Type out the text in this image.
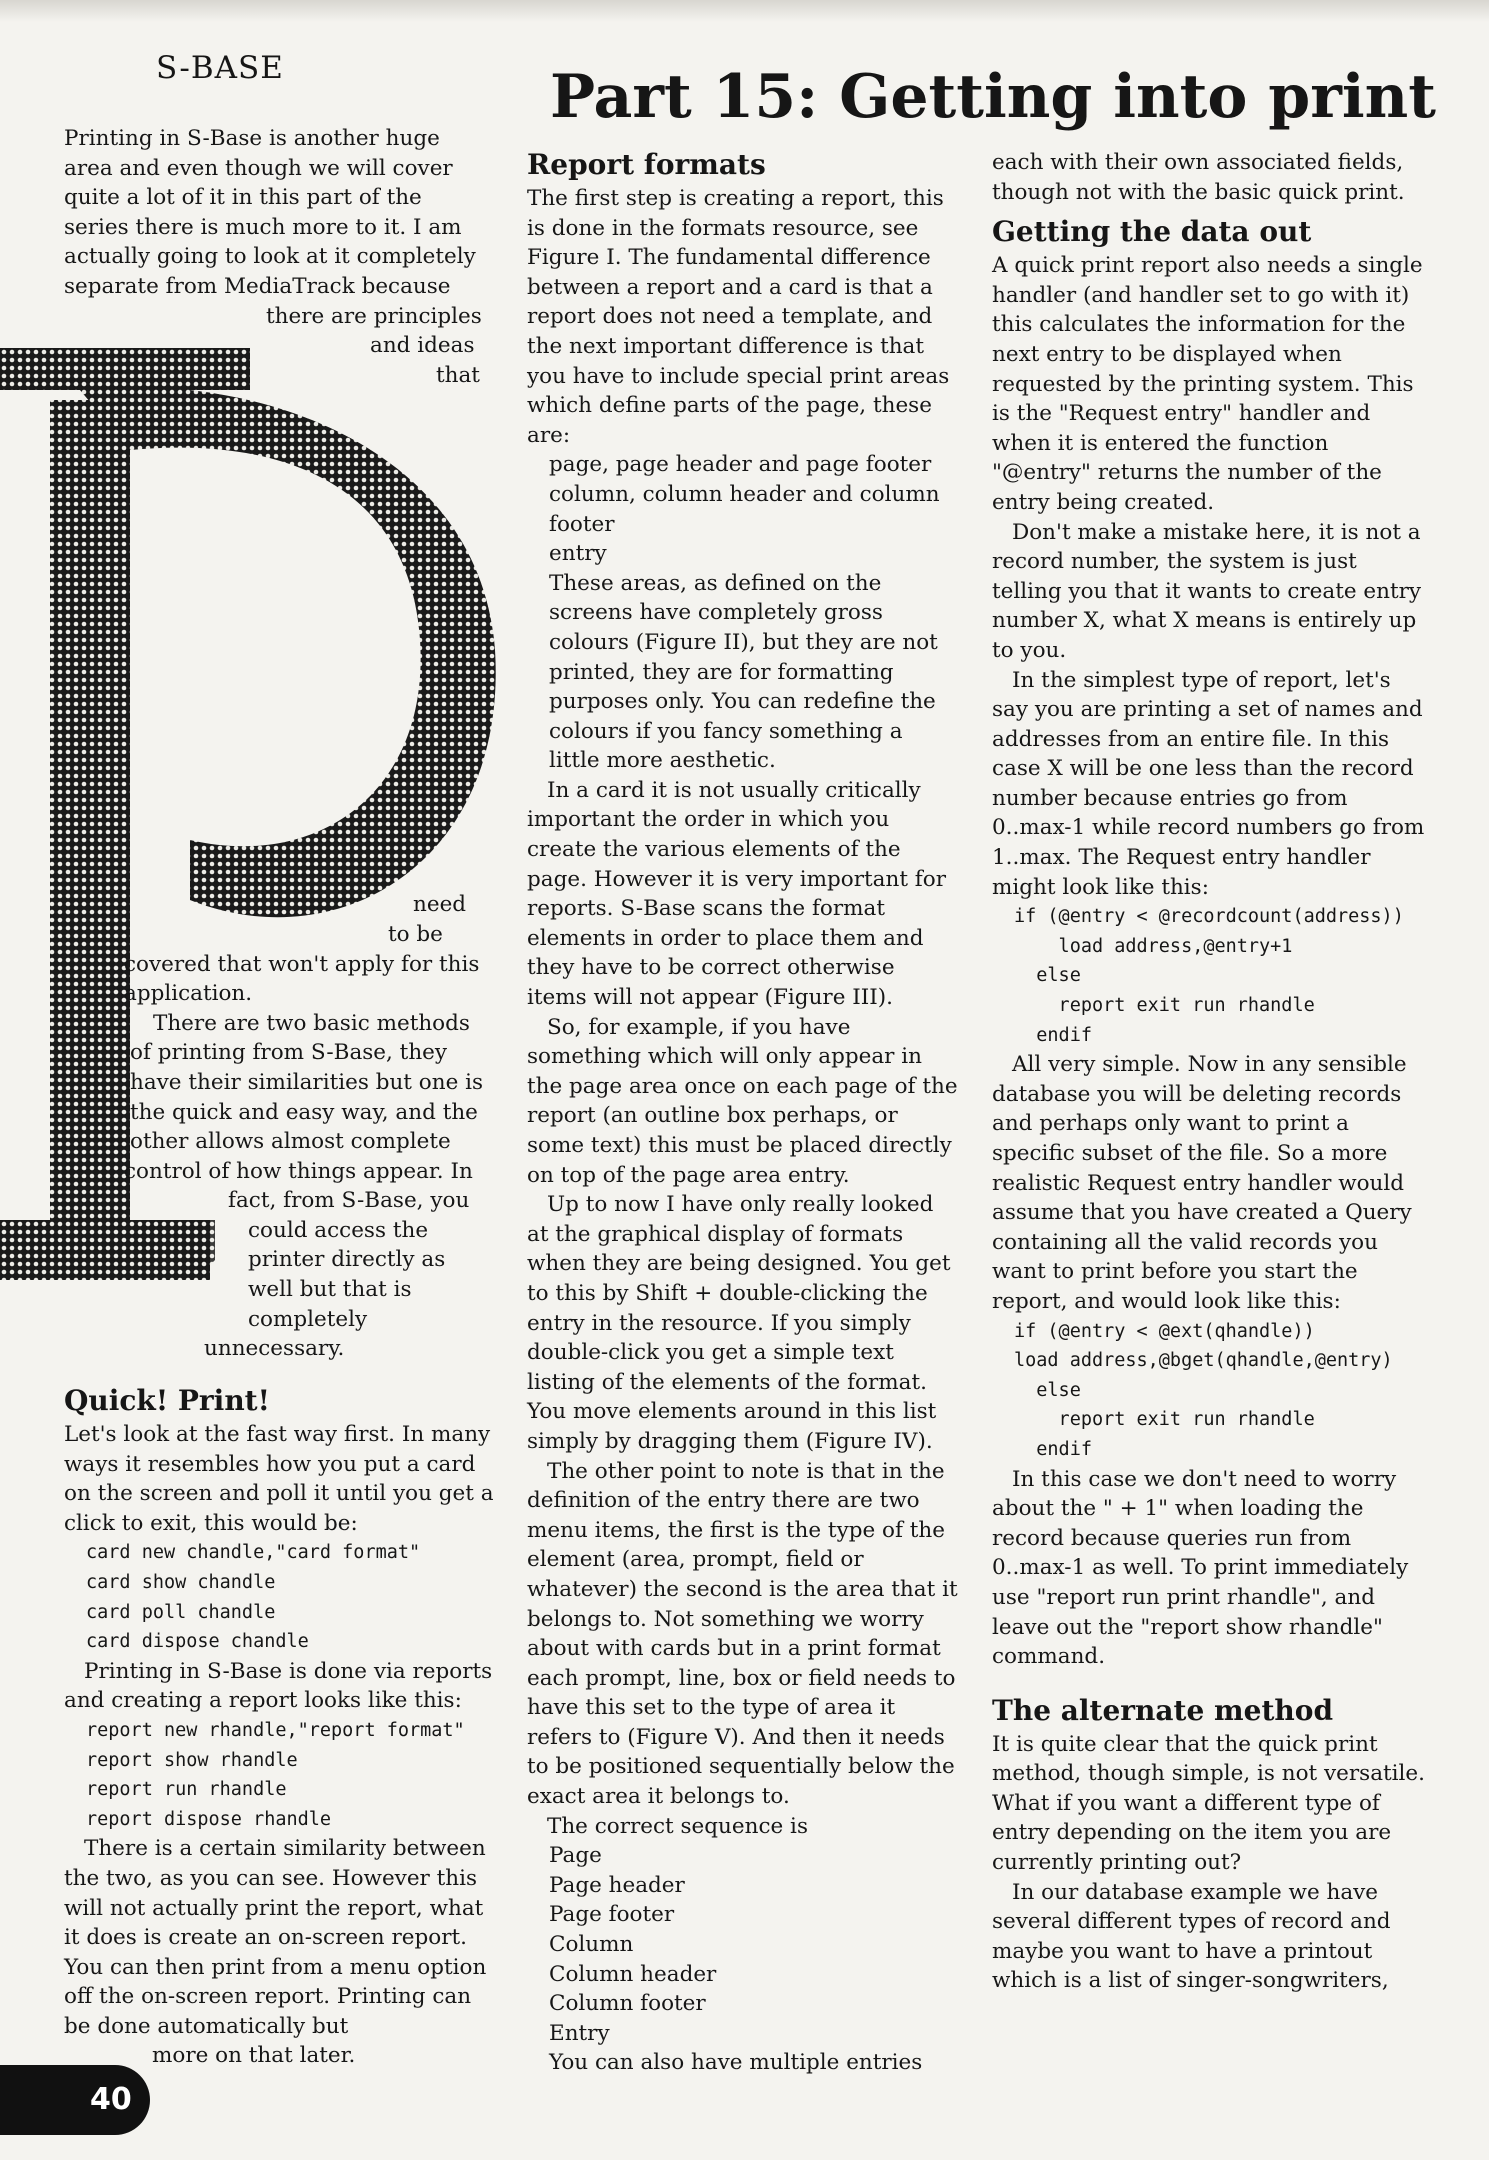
S-BASE	Part 15: Getting into print

Printing in S-Base is another huge

area and even though we will cover

quite a lot of it in this part of the

series there is much more to it. I am

actually going to look at it completely

separate from MediaTrack because

there are principles

and ideas

that

need

to be

covered that won't apply for this

application.

There are two basic methods

of printing from S-Base, they

have their similarities but one is

the quick and easy way, and the

other allows almost complete

control of how things appear. In

fact, from S-Base, you

could access the

printer directly as

well but that is

completely

unnecessary.

Quick! Print!

Let's look at the fast way first. In many ways it resembles how you put a card on the screen and poll it until you get a click to exit, this would be:

card new chandle,"card format"
card show chandle
card poll chandle
card dispose chandle

Printing in S-Base is done via reports and creating a report looks like this:

report new rhandle,"report format"
report show rhandle
report run rhandle
report dispose rhandle

There is a certain similarity between the two, as you can see. However this will not actually print the report, what it does is create an on-screen report. You can then print from a menu option off the on-screen report. Printing can be done automatically but

more on that later.

Report formats

The first step is creating a report, this is done in the formats resource, see Figure I. The fundamental difference between a report and a card is that a report does not need a template, and the next important difference is that you have to include special print areas which define parts of the page, these are:

page, page header and page footer

column, column header and column footer

entry

These areas, as defined on the screens have completely gross colours (Figure II), but they are not printed, they are for formatting purposes only. You can redefine the colours if you fancy something a little more aesthetic.

In a card it is not usually critically important the order in which you create the various elements of the page. However it is very important for reports. S-Base scans the format elements in order to place them and they have to be correct otherwise items will not appear (Figure III).

So, for example, if you have something which will only appear in the page area once on each page of the report (an outline box perhaps, or some text) this must be placed directly on top of the page area entry.

Up to now I have only really looked at the graphical display of formats when they are being designed. You get to this by Shift + double-clicking the entry in the resource. If you simply double-click you get a simple text listing of the elements of the format. You move elements around in this list simply by dragging them (Figure IV).

The other point to note is that in the definition of the entry there are two menu items, the first is the type of the element (area, prompt, field or whatever) the second is the area that it belongs to. Not something we worry about with cards but in a print format each prompt, line, box or field needs to have this set to the type of area it refers to (Figure V). And then it needs to be positioned sequentially below the exact area it belongs to.

The correct sequence is

Page

Page header

Page footer

Column

Column header

Column footer

Entry

You can also have multiple entries

each with their own associated fields, though not with the basic quick print.

Getting the data out

A quick print report also needs a single handler (and handler set to go with it) this calculates the information for the next entry to be displayed when requested by the printing system. This is the "Request entry" handler and when it is entered the function "@entry" returns the number of the entry being created.

Don't make a mistake here, it is not a record number, the system is just telling you that it wants to create entry number X, what X means is entirely up to you.

In the simplest type of report, let's say you are printing a set of names and addresses from an entire file. In this case X will be one less than the record number because entries go from 0..max-1 while record numbers go from 1..max. The Request entry handler might look like this:

if (@entry < @recordcount(address))
load address,@entry+1
else
report exit run rhandle
endif

All very simple. Now in any sensible database you will be deleting records and perhaps only want to print a specific subset of the file. So a more realistic Request entry handler would assume that you have created a Query containing all the valid records you want to print before you start the report, and would look like this:

if (@entry < @ext(qhandle))
load address,@bget(qhandle,@entry)
else
report exit run rhandle
endif

In this case we don't need to worry about the " + 1" when loading the record because queries run from 0..max-1 as well. To print immediately use "report run print rhandle", and leave out the "report show rhandle" command.

The alternate method

It is quite clear that the quick print method, though simple, is not versatile. What if you want a different type of entry depending on the item you are currently printing out?

In our database example we have several different types of record and maybe you want to have a printout which is a list of singer-songwriters,

40
